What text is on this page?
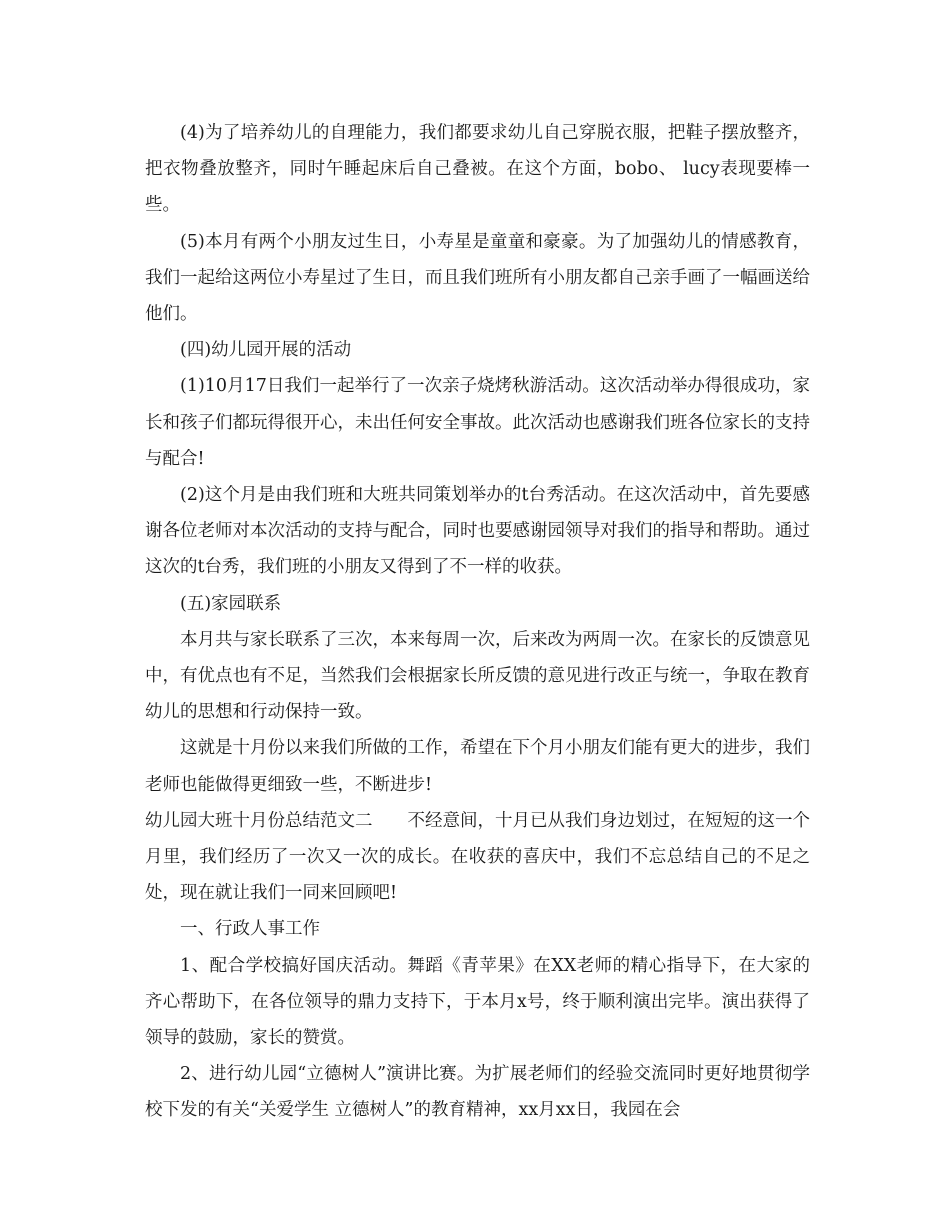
(4)为了培养幼儿的自理能力，我们都要求幼儿自己穿脱衣服，把鞋子摆放整齐，把衣物叠放整齐，同时午睡起床后自己叠被。在这个方面，bobo、 lucy表现要棒一些。

(5)本月有两个小朋友过生日，小寿星是童童和豪豪。为了加强幼儿的情感教育，我们一起给这两位小寿星过了生日，而且我们班所有小朋友都自己亲手画了一幅画送给他们。

(四)幼儿园开展的活动

(1)10月17日我们一起举行了一次亲子烧烤秋游活动。这次活动举办得很成功，家长和孩子们都玩得很开心，未出任何安全事故。此次活动也感谢我们班各位家长的支持与配合!

(2)这个月是由我们班和大班共同策划举办的t台秀活动。在这次活动中，首先要感谢各位老师对本次活动的支持与配合，同时也要感谢园领导对我们的指导和帮助。通过这次的t台秀，我们班的小朋友又得到了不一样的收获。

(五)家园联系

本月共与家长联系了三次，本来每周一次，后来改为两周一次。在家长的反馈意见中，有优点也有不足，当然我们会根据家长所反馈的意见进行改正与统一，争取在教育幼儿的思想和行动保持一致。

这就是十月份以来我们所做的工作，希望在下个月小朋友们能有更大的进步，我们老师也能做得更细致一些，不断进步!

幼儿园大班十月份总结范文二 不经意间，十月已从我们身边划过，在短短的这一个月里，我们经历了一次又一次的成长。在收获的喜庆中，我们不忘总结自己的不足之处，现在就让我们一同来回顾吧!

一、行政人事工作

1、配合学校搞好国庆活动。舞蹈《青苹果》在XX老师的精心指导下，在大家的齐心帮助下，在各位领导的鼎力支持下，于本月x号，终于顺利演出完毕。演出获得了领导的鼓励，家长的赞赏。

2、进行幼儿园“立德树人”演讲比赛。为扩展老师们的经验交流同时更好地贯彻学校下发的有关“关爱学生 立德树人”的教育精神，xx月xx日，我园在会
